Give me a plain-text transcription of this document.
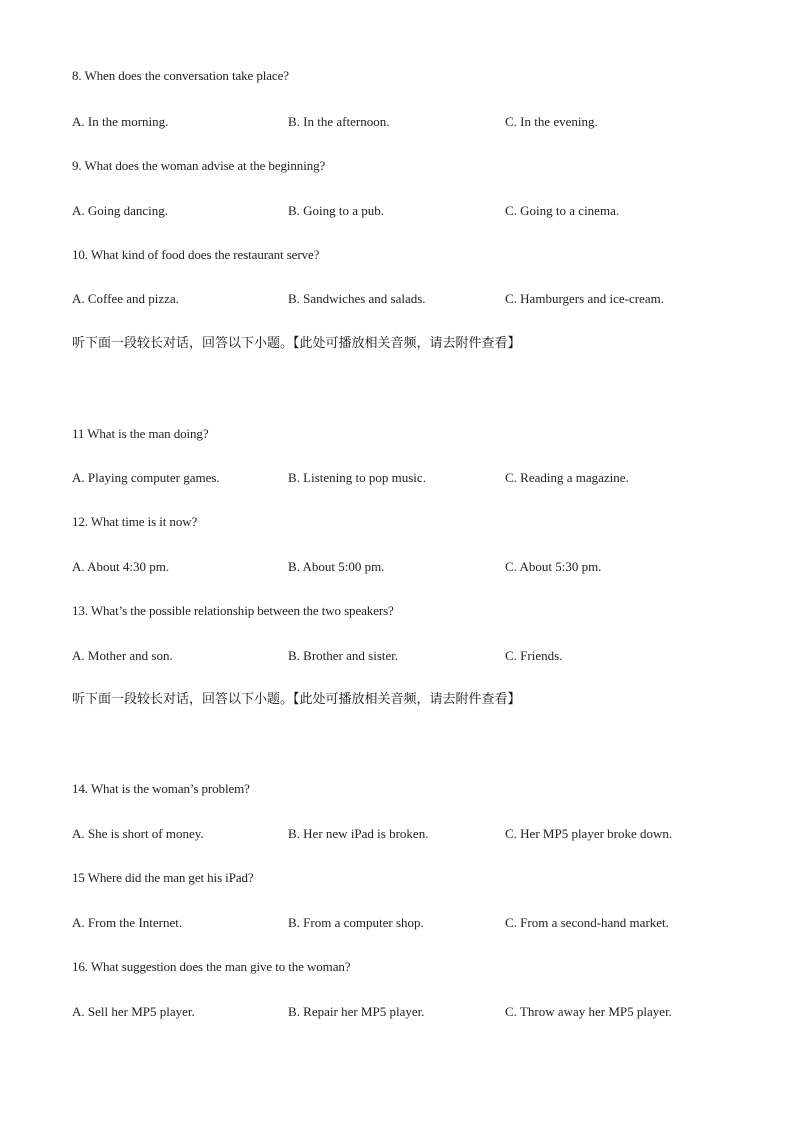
8. When does the conversation take place?
A. In the morning.	B. In the afternoon.	C. In the evening.
9. What does the woman advise at the beginning?
A. Going dancing.	B. Going to a pub.	C. Going to a cinema.
10. What kind of food does the restaurant serve?
A. Coffee and pizza.	B. Sandwiches and salads.	C. Hamburgers and ice-cream.
听下面一段较长对话，回答以下小题。【此处可播放相关音频，请去附件查看】
11 What is the man doing?
A. Playing computer games.	B. Listening to pop music.	C. Reading a magazine.
12. What time is it now?
A. About 4:30 pm.	B. About 5:00 pm.	C. About 5:30 pm.
13. What’s the possible relationship between the two speakers?
A. Mother and son.	B. Brother and sister.	C. Friends.
听下面一段较长对话，回答以下小题。【此处可播放相关音频，请去附件查看】
14. What is the woman’s problem?
A. She is short of money.	B. Her new iPad is broken.	C. Her MP5 player broke down.
15 Where did the man get his iPad?
A. From the Internet.	B. From a computer shop.	C. From a second-hand market.
16. What suggestion does the man give to the woman?
A. Sell her MP5 player.	B. Repair her MP5 player.	C. Throw away her MP5 player.
